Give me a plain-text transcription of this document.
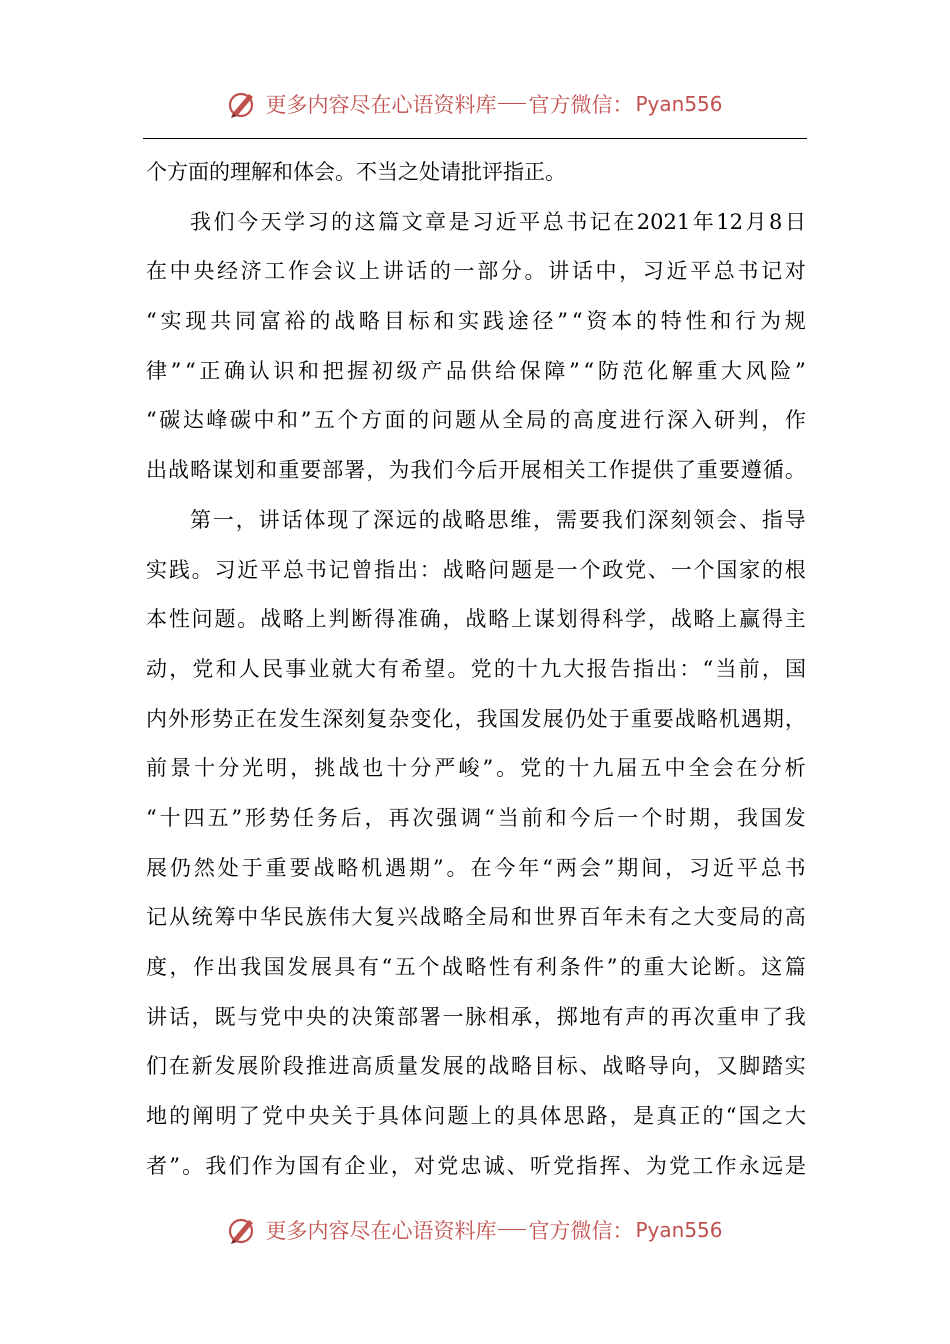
更多内容尽在心语资料库 官方微信： Pyan556
个方面的理解和体会。不当之处请批评指正。
我 们 今 天 学 习 的 这 篇 文 章 是 习 近 平 总 书 记 在 2021 年 12 月 8 日
在 中 央 经 济 工 作 会 议 上 讲 话 的 一 部 分 。 讲 话 中 ， 习 近 平 总 书 记 对
“ 实 现 共 同 富 裕 的 战 略 目 标 和 实 践 途 径 ” “ 资 本 的 特 性 和 行 为 规
律 ” “ 正 确 认 识 和 把 握 初 级 产 品 供 给 保 障 ” “ 防 范 化 解 重 大 风 险 ”
“ 碳 达 峰 碳 中 和 ” 五 个 方 面 的 问 题 从 全 局 的 高 度 进 行 深 入 研 判 ， 作
出 战 略 谋 划 和 重 要 部 署 ， 为 我 们 今 后 开 展 相 关 工 作 提 供 了 重 要 遵 循 。
第 一 ， 讲 话 体 现 了 深 远 的 战 略 思 维 ， 需 要 我 们 深 刻 领 会 、 指 导
实 践 。 习 近 平 总 书 记 曾 指 出 ： 战 略 问 题 是 一 个 政 党 、 一 个 国 家 的 根
本 性 问 题 。 战 略 上 判 断 得 准 确 ， 战 略 上 谋 划 得 科 学 ， 战 略 上 赢 得 主
动 ， 党 和 人 民 事 业 就 大 有 希 望 。 党 的 十 九 大 报 告 指 出 ： “ 当 前 ， 国
内 外 形 势 正 在 发 生 深 刻 复 杂 变 化 ， 我 国 发 展 仍 处 于 重 要 战 略 机 遇 期 ，
前 景 十 分 光 明 ， 挑 战 也 十 分 严 峻 ” 。 党 的 十 九 届 五 中 全 会 在 分 析
“ 十 四 五 ” 形 势 任 务 后 ， 再 次 强 调 “ 当 前 和 今 后 一 个 时 期 ， 我 国 发
展 仍 然 处 于 重 要 战 略 机 遇 期 ” 。 在 今 年 “ 两 会 ” 期 间 ， 习 近 平 总 书
记 从 统 筹 中 华 民 族 伟 大 复 兴 战 略 全 局 和 世 界 百 年 未 有 之 大 变 局 的 高
度 ， 作 出 我 国 发 展 具 有 “ 五 个 战 略 性 有 利 条 件 ” 的 重 大 论 断 。 这 篇
讲 话 ， 既 与 党 中 央 的 决 策 部 署 一 脉 相 承 ， 掷 地 有 声 的 再 次 重 申 了 我
们 在 新 发 展 阶 段 推 进 高 质 量 发 展 的 战 略 目 标 、 战 略 导 向 ， 又 脚 踏 实
地 的 阐 明 了 党 中 央 关 于 具 体 问 题 上 的 具 体 思 路 ， 是 真 正 的 “ 国 之 大
者 ” 。 我 们 作 为 国 有 企 业 ， 对 党 忠 诚 、 听 党 指 挥 、 为 党 工 作 永 远 是
更多内容尽在心语资料库 官方微信： Pyan556
